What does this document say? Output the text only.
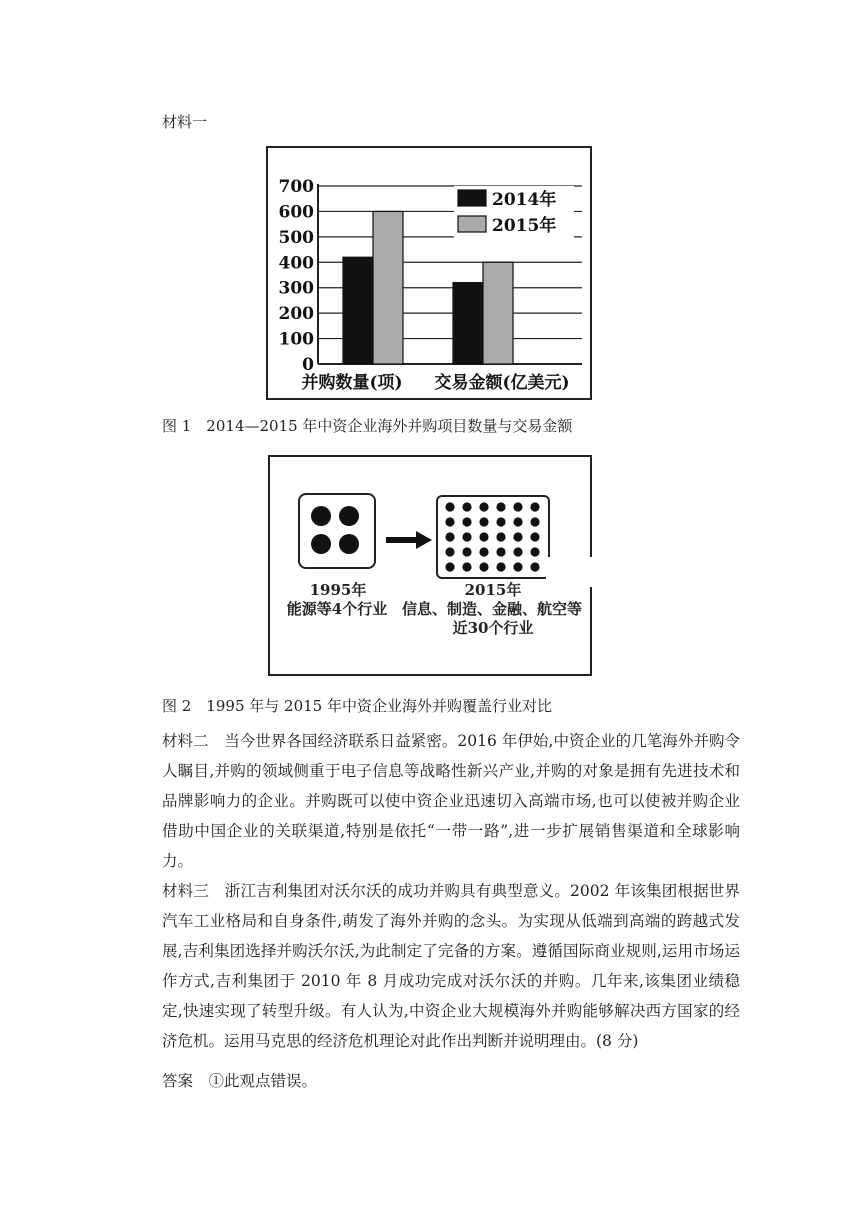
材料一
0
100
200
300
400
500
600
700
并购数量(项) 交易金额(亿美元)
2014年
2015年
图 1　2014—2015 年中资企业海外并购项目数量与交易金额
1995年
能源等4个行业
2015年
信息、制造、金融、航空等
近30个行业
图 2　1995 年与 2015 年中资企业海外并购覆盖行业对比

材料二　当今世界各国经济联系日益紧密。2016 年伊始,中资企业的几笔海外并购令人瞩目,并购的领域侧重于电子信息等战略性新兴产业,并购的对象是拥有先进技术和品牌影响力的企业。并购既可以使中资企业迅速切入高端市场,也可以使被并购企业借助中国企业的关联渠道,特别是依托“一带一路”,进一步扩展销售渠道和全球影响力。

材料三　浙江吉利集团对沃尔沃的成功并购具有典型意义。2002 年该集团根据世界汽车工业格局和自身条件,萌发了海外并购的念头。为实现从低端到高端的跨越式发展,吉利集团选择并购沃尔沃,为此制定了完备的方案。遵循国际商业规则,运用市场运作方式,吉利集团于 2010 年 8 月成功完成对沃尔沃的并购。几年来,该集团业绩稳定,快速实现了转型升级。有人认为,中资企业大规模海外并购能够解决西方国家的经济危机。运用马克思的经济危机理论对此作出判断并说明理由。(8 分)

答案　①此观点错误。
